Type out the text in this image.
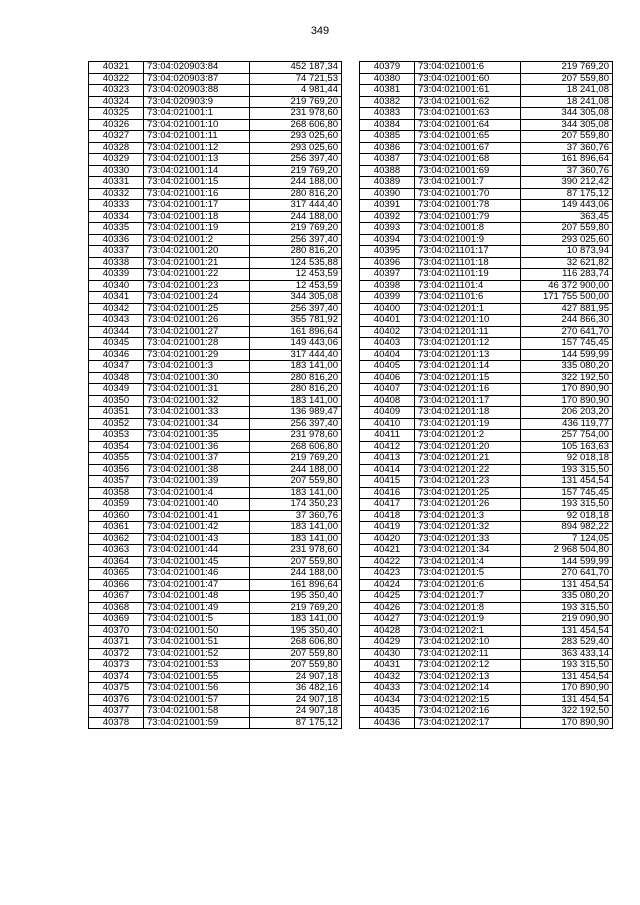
349
40321	73:04:020903:84	452 187,34
40322	73:04:020903:87	74 721,53
40323	73:04:020903:88	4 981,44
40324	73:04:020903:9	219 769,20
40325	73:04:021001:1	231 978,60
40326	73:04:021001:10	268 606,80
40327	73:04:021001:11	293 025,60
40328	73:04:021001:12	293 025,60
40329	73:04:021001:13	256 397,40
40330	73:04:021001:14	219 769,20
40331	73:04:021001:15	244 188,00
40332	73:04:021001:16	280 816,20
40333	73:04:021001:17	317 444,40
40334	73:04:021001:18	244 188,00
40335	73:04:021001:19	219 769,20
40336	73:04:021001:2	256 397,40
40337	73:04:021001:20	280 816,20
40338	73:04:021001:21	124 535,88
40339	73:04:021001:22	12 453,59
40340	73:04:021001:23	12 453,59
40341	73:04:021001:24	344 305,08
40342	73:04:021001:25	256 397,40
40343	73:04:021001:26	355 781,92
40344	73:04:021001:27	161 896,64
40345	73:04:021001:28	149 443,06
40346	73:04:021001:29	317 444,40
40347	73:04:021001:3	183 141,00
40348	73:04:021001:30	280 816,20
40349	73:04:021001:31	280 816,20
40350	73:04:021001:32	183 141,00
40351	73:04:021001:33	136 989,47
40352	73:04:021001:34	256 397,40
40353	73:04:021001:35	231 978,60
40354	73:04:021001:36	268 606,80
40355	73:04:021001:37	219 769,20
40356	73:04:021001:38	244 188,00
40357	73:04:021001:39	207 559,80
40358	73:04:021001:4	183 141,00
40359	73:04:021001:40	174 350,23
40360	73:04:021001:41	37 360,76
40361	73:04:021001:42	183 141,00
40362	73:04:021001:43	183 141,00
40363	73:04:021001:44	231 978,60
40364	73:04:021001:45	207 559,80
40365	73:04:021001:46	244 188,00
40366	73:04:021001:47	161 896,64
40367	73:04:021001:48	195 350,40
40368	73:04:021001:49	219 769,20
40369	73:04:021001:5	183 141,00
40370	73:04:021001:50	195 350,40
40371	73:04:021001:51	268 606,80
40372	73:04:021001:52	207 559,80
40373	73:04:021001:53	207 559,80
40374	73:04:021001:55	24 907,18
40375	73:04:021001:56	36 482,16
40376	73:04:021001:57	24 907,18
40377	73:04:021001:58	24 907,18
40378	73:04:021001:59	87 175,12
40379	73:04:021001:6	219 769,20
40380	73:04:021001:60	207 559,80
40381	73:04:021001:61	18 241,08
40382	73:04:021001:62	18 241,08
40383	73:04:021001:63	344 305,08
40384	73:04:021001:64	344 305,08
40385	73:04:021001:65	207 559,80
40386	73:04:021001:67	37 360,76
40387	73:04:021001:68	161 896,64
40388	73:04:021001:69	37 360,76
40389	73:04:021001:7	390 212,42
40390	73:04:021001:70	87 175,12
40391	73:04:021001:78	149 443,06
40392	73:04:021001:79	363,45
40393	73:04:021001:8	207 559,80
40394	73:04:021001:9	293 025,60
40395	73:04:021101:17	10 873,94
40396	73:04:021101:18	32 621,82
40397	73:04:021101:19	116 283,74
40398	73:04:021101:4	46 372 900,00
40399	73:04:021101:6	171 755 500,00
40400	73:04:021201:1	427 881,95
40401	73:04:021201:10	244 866,30
40402	73:04:021201:11	270 641,70
40403	73:04:021201:12	157 745,45
40404	73:04:021201:13	144 599,99
40405	73:04:021201:14	335 080,20
40406	73:04:021201:15	322 192,50
40407	73:04:021201:16	170 890,90
40408	73:04:021201:17	170 890,90
40409	73:04:021201:18	206 203,20
40410	73:04:021201:19	436 119,77
40411	73:04:021201:2	257 754,00
40412	73:04:021201:20	105 163,63
40413	73:04:021201:21	92 018,18
40414	73:04:021201:22	193 315,50
40415	73:04:021201:23	131 454,54
40416	73:04:021201:25	157 745,45
40417	73:04:021201:26	193 315,50
40418	73:04:021201:3	92 018,18
40419	73:04:021201:32	894 982,22
40420	73:04:021201:33	7 124,05
40421	73:04:021201:34	2 968 504,80
40422	73:04:021201:4	144 599,99
40423	73:04:021201:5	270 641,70
40424	73:04:021201:6	131 454,54
40425	73:04:021201:7	335 080,20
40426	73:04:021201:8	193 315,50
40427	73:04:021201:9	219 090,90
40428	73:04:021202:1	131 454,54
40429	73:04:021202:10	283 529,40
40430	73:04:021202:11	363 433,14
40431	73:04:021202:12	193 315,50
40432	73:04:021202:13	131 454,54
40433	73:04:021202:14	170 890,90
40434	73:04:021202:15	131 454,54
40435	73:04:021202:16	322 192,50
40436	73:04:021202:17	170 890,90
